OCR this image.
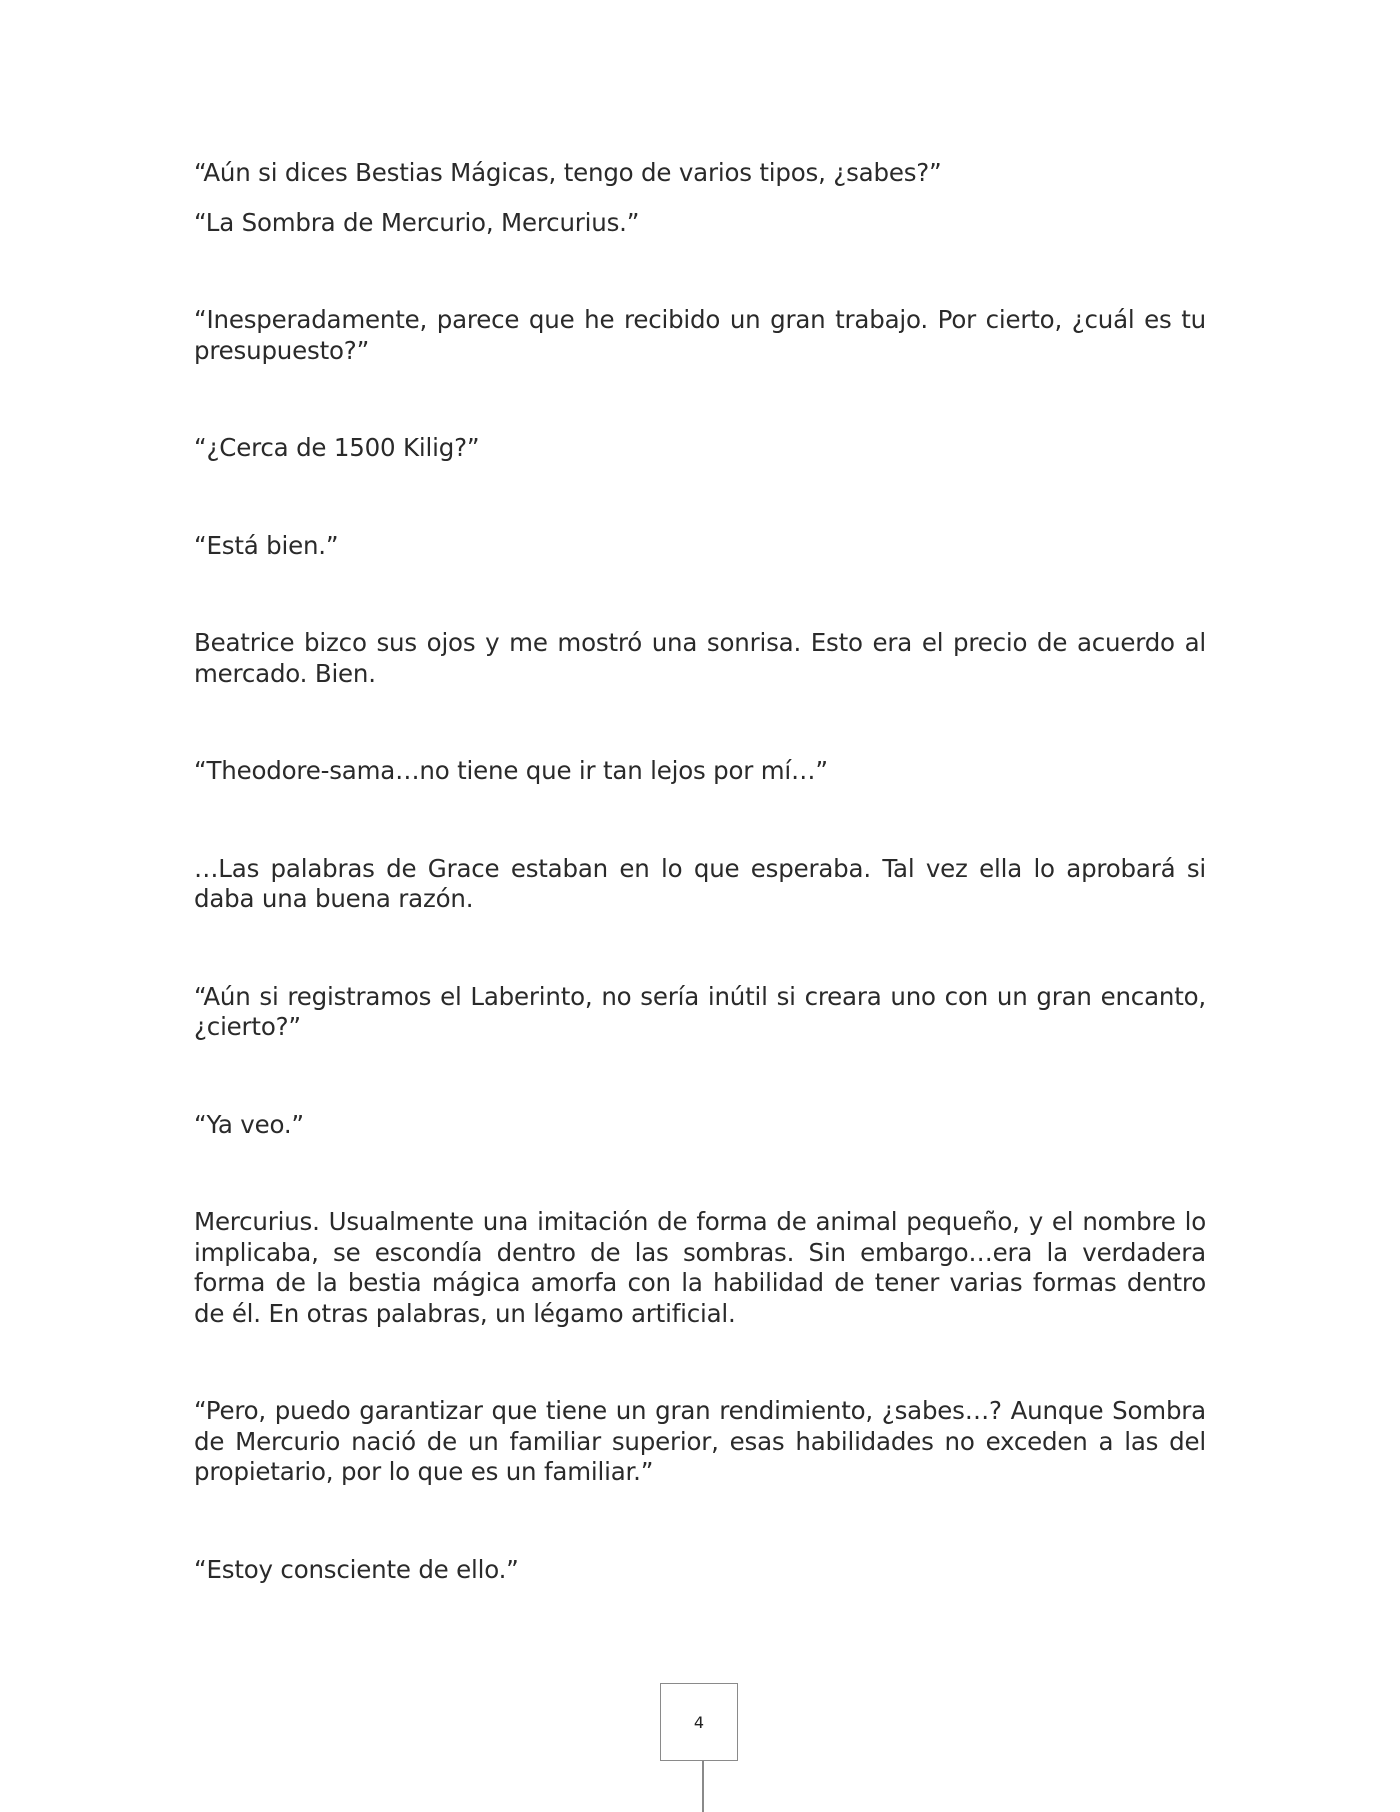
“Aún si dices Bestias Mágicas, tengo de varios tipos, ¿sabes?”

“La Sombra de Mercurio, Mercurius.”

“Inesperadamente, parece que he recibido un gran trabajo. Por cierto, ¿cuál es tu presupuesto?”

“¿Cerca de 1500 Kilig?”

“Está bien.”

Beatrice bizco sus ojos y me mostró una sonrisa. Esto era el precio de acuerdo al mercado. Bien.

“Theodore-sama…no tiene que ir tan lejos por mí…”

…Las palabras de Grace estaban en lo que esperaba. Tal vez ella lo aprobará si daba una buena razón.

“Aún si registramos el Laberinto, no sería inútil si creara uno con un gran encanto, ¿cierto?”

“Ya veo.”

Mercurius. Usualmente una imitación de forma de animal pequeño, y el nombre lo implicaba, se escondía dentro de las sombras. Sin embargo…era la verdadera forma de la bestia mágica amorfa con la habilidad de tener varias formas dentro de él. En otras palabras, un légamo artificial.

“Pero, puedo garantizar que tiene un gran rendimiento, ¿sabes…? Aunque Sombra de Mercurio nació de un familiar superior, esas habilidades no exceden a las del propietario, por lo que es un familiar.”

“Estoy consciente de ello.”

4
